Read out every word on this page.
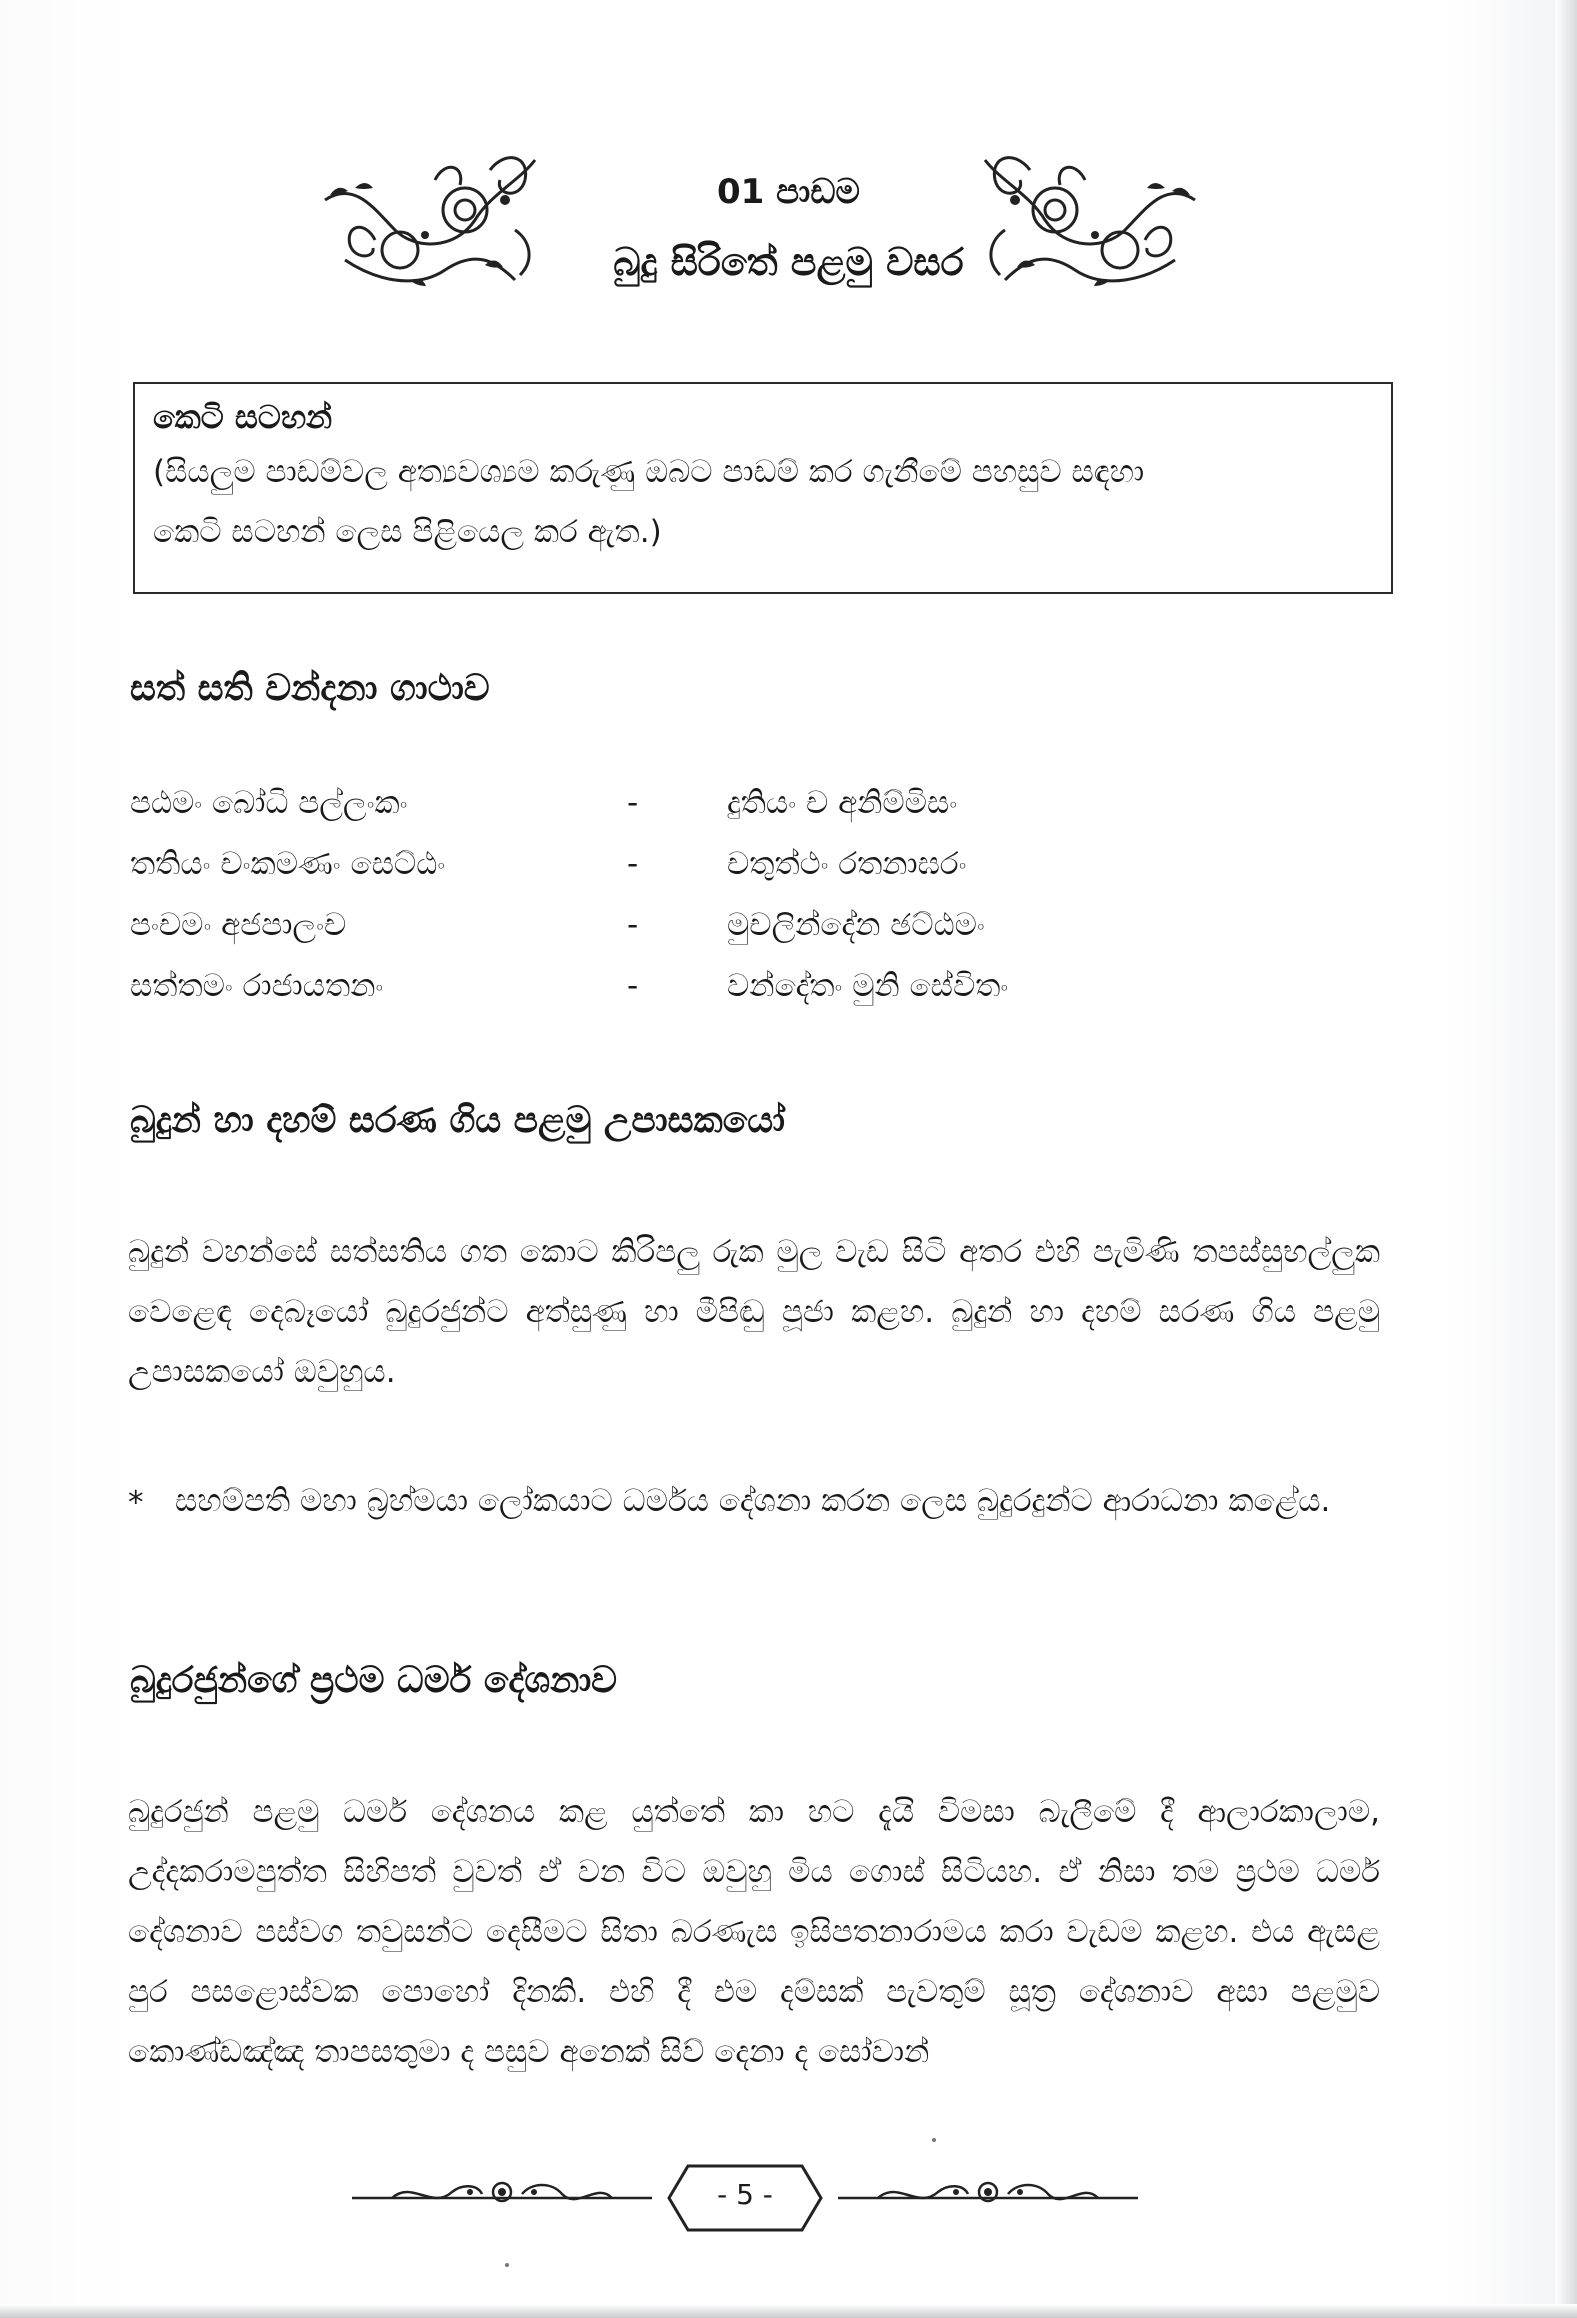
01 පාඩම
බුදු සිරිතේ පළමු වසර
කෙටි සටහන්
(සියලුම පාඩම්වල අත්‍යවශ්‍යම කරුණු ඔබට පාඩම් කර ගැනීමේ පහසුව සඳහා
කෙටි සටහන් ලෙස පිළියෙල කර ඇත.)
සත් සති වන්දනා ගාථාව
පඨමං බෝධි පල්ලංකං	-	දුතියං ච අනිම්මිසං
තතියං චංකමණං සෙට්ඨං	-	චතුත්ථං රතනාඝරං
පංචමං අජපාලංච	-	මුචලින්දේන ඡට්ඨමං
සත්තමං රාජායතනං	-	වන්දේතං මුනි සේවිතං
බුදුන් හා දහම් සරණ ගිය පළමු උපාසකයෝ
බුදුන් වහන්සේ සත්සතිය ගත කොට කිරිපලු රුක මුල වැඩ සිටි අතර එහි පැමිණි තපස්සුභල්ලුක වෙළෙඳ දෙබෑයෝ බුදුරජුන්ට අත්සුණු හා මීපිඬු පූජා කළහ. බුදුන් හා දහම් සරණ ගිය පළමු උපාසකයෝ ඔවුහුය.
* සහම්පති මහා බ්‍රහ්මයා ලෝකයාට ධර්මය දේශනා කරන ලෙස බුදුරදුන්ට ආරාධනා කළේය.
බුදුරජුන්ගේ ප්‍රථම ධර්ම දේශනාව
බුදුරජුන් පළමු ධර්ම දේශනය කළ යුත්තේ කා හට දැයි විමසා බැලීමේ දී ආලාරකාලාම, උද්දකරාමපුත්ත සිහිපත් වුවත් ඒ වන විට ඔවුහු මිය ගොස් සිටියහ. ඒ නිසා තම ප්‍රථම ධර්ම දේශනාව පස්වග තවුසන්ට දෙසීමට සිතා බරණැස ඉසිපතනාරාමය කරා වැඩම කළහ. එය ඇසළ පුර පසළොස්වක පොහෝ දිනකි. එහි දී එම දම්සක් පැවතුම් සූත්‍ර දේශනාව අසා පළමුව කොණ්ඩඤ්ඤ තාපසතුමා ද පසුව අනෙක් සිව් දෙනා ද සෝවාන්
- 5 -
